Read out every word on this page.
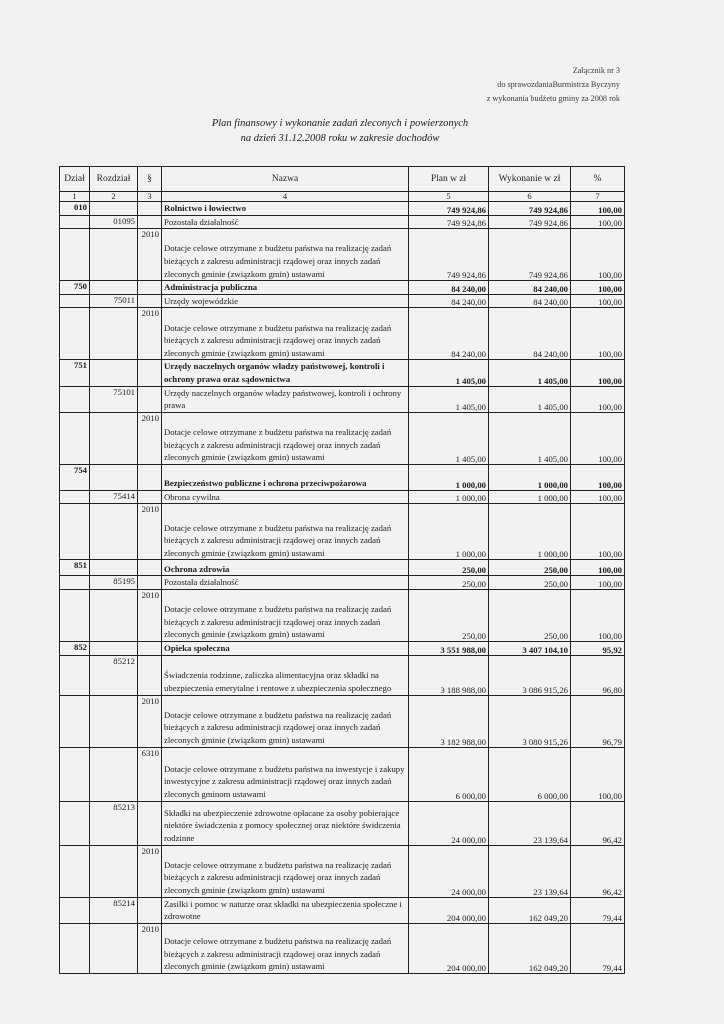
Załącznik nr 3
do sprawozdaniaBurmistrza Byczyny
z wykonania budżetu gminy za 2008 rok
Plan finansowy i wykonanie zadań zleconych i powierzonych
na dzień 31.12.2008 roku w zakresie dochodów
Dział	Rozdział	§	Nazwa	Plan w zł	Wykonanie w zł	%
1	2	3	4	5	6	7
010			Rolnictwo i łowiectwo	749 924,86	749 924,86	100,00
	01095		Pozostała działalność	749 924,86	749 924,86	100,00
		2010	Dotacje celowe otrzymane z budżetu państwa na realizację zadań bieżących z zakresu administracji rządowej oraz innych zadań zleconych gminie (związkom gmin) ustawami	749 924,86	749 924,86	100,00
750			Administracja publiczna	84 240,00	84 240,00	100,00
	75011		Urzędy wojewódzkie	84 240,00	84 240,00	100,00
		2010	Dotacje celowe otrzymane z budżetu państwa na realizację zadań bieżących z zakresu administracji rządowej oraz innych zadań zleconych gminie (związkom gmin) ustawami	84 240,00	84 240,00	100,00
751			Urzędy naczelnych organów władzy państwowej, kontroli i ochrony prawa oraz sądownictwa	1 405,00	1 405,00	100,00
	75101		Urzędy naczelnych organów władzy państwowej, kontroli i ochrony prawa	1 405,00	1 405,00	100,00
		2010	Dotacje celowe otrzymane z budżetu państwa na realizację zadań bieżących z zakresu administracji rządowej oraz innych zadań zleconych gminie (związkom gmin) ustawami	1 405,00	1 405,00	100,00
754			Bezpieczeństwo publiczne i ochrona przeciwpożarowa	1 000,00	1 000,00	100,00
	75414		Obrona cywilna	1 000,00	1 000,00	100,00
		2010	Dotacje celowe otrzymane z budżetu państwa na realizację zadań bieżących z zakresu administracji rządowej oraz innych zadań zleconych gminie (związkom gmin) ustawami	1 000,00	1 000,00	100,00
851			Ochrona zdrowia	250,00	250,00	100,00
	85195		Pozostała działalność	250,00	250,00	100,00
		2010	Dotacje celowe otrzymane z budżetu państwa na realizację zadań bieżących z zakresu administracji rządowej oraz innych zadań zleconych gminie (związkom gmin) ustawami	250,00	250,00	100,00
852			Opieka społeczna	3 551 988,00	3 407 104,10	95,92
	85212		Świadczenia rodzinne, zaliczka alimentacyjna oraz składki na ubezpieczenia emerytalne i rentowe z ubezpieczenia społecznego	3 188 988,00	3 086 915,26	96,80
		2010	Dotacje celowe otrzymane z budżetu państwa na realizację zadań bieżących z zakresu administracji rządowej oraz innych zadań zleconych gminie (związkom gmin) ustawami	3 182 988,00	3 080 915,26	96,79
		6310	Dotacje celowe otrzymane z budżetu państwa na inwestycje i zakupy inwestycyjne z zakresu administracji rządowej oraz innych zadań zleconych gminom ustawami	6 000,00	6 000,00	100,00
	85213		Składki na ubezpieczenie zdrowotne opłacane za osoby pobierające niektóre świadczenia z pomocy społecznej oraz niektóre świdczenia rodzinne	24 000,00	23 139,64	96,42
		2010	Dotacje celowe otrzymane z budżetu państwa na realizację zadań bieżących z zakresu administracji rządowej oraz innych zadań zleconych gminie (związkom gmin) ustawami	24 000,00	23 139,64	96,42
	85214		Zasiłki i pomoc w naturze oraz składki na ubezpieczenia społeczne i zdrowotne	204 000,00	162 049,20	79,44
		2010	Dotacje celowe otrzymane z budżetu państwa na realizację zadań bieżących z zakresu administracji rządowej oraz innych zadań zleconych gminie (związkom gmin) ustawami	204 000,00	162 049,20	79,44
